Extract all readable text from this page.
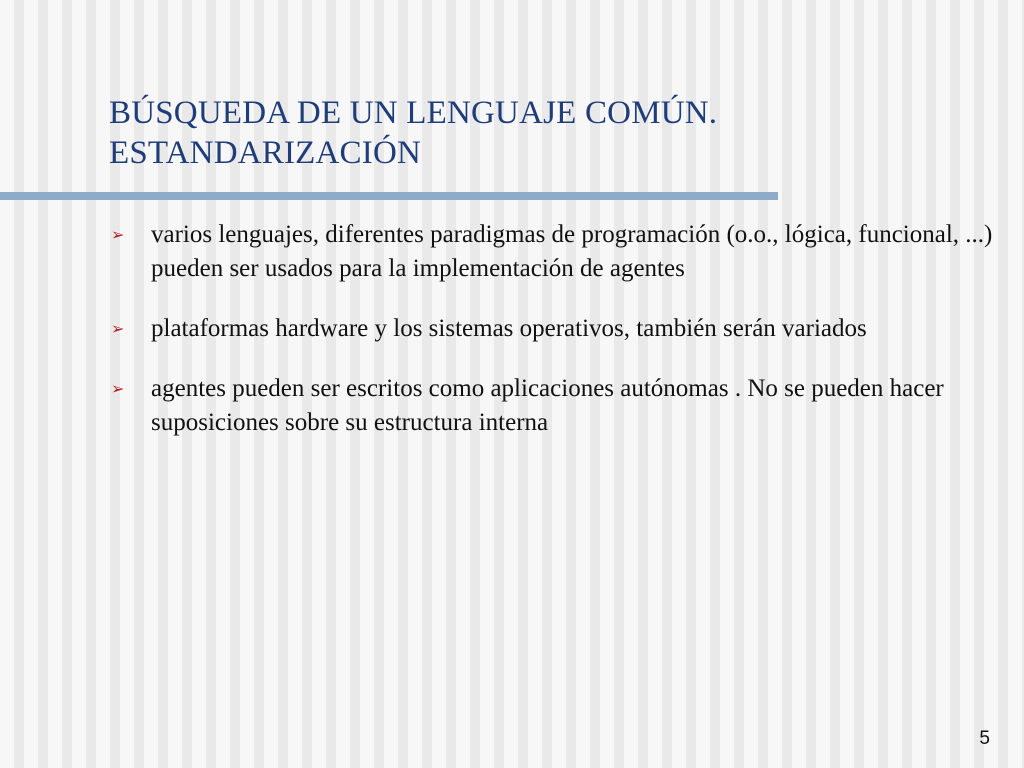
BÚSQUEDA DE UN LENGUAJE COMÚN.
ESTANDARIZACIÓN
➢ varios lenguajes, diferentes paradigmas de programación (o.o., lógica, funcional, ...) pueden ser usados para la implementación de agentes
➢ plataformas hardware y los sistemas operativos, también serán variados
➢ agentes pueden ser escritos como aplicaciones autónomas . No se pueden hacer suposiciones sobre su estructura interna
5
